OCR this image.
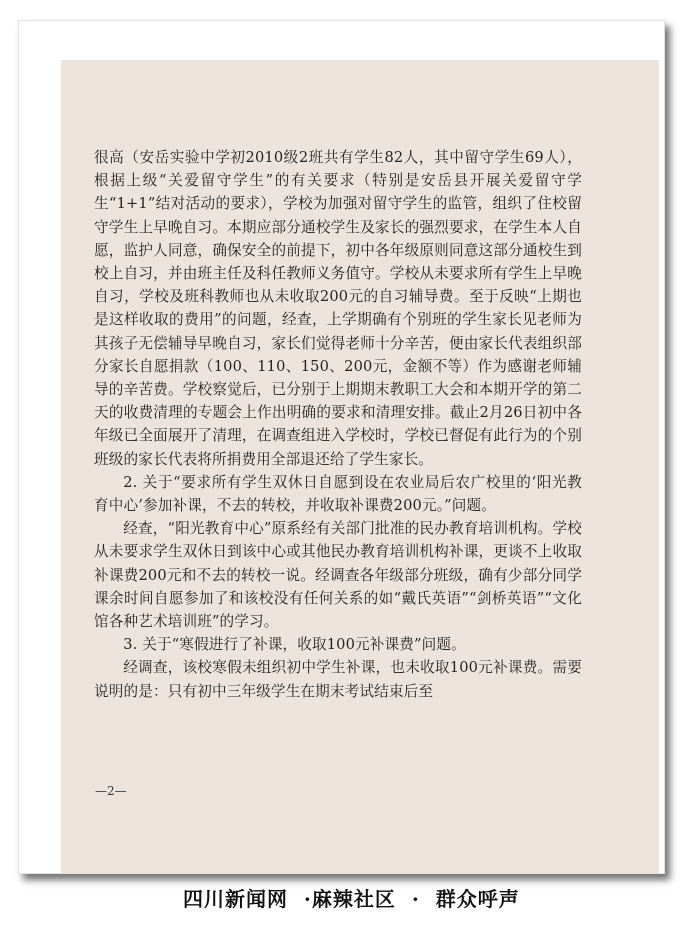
很高（安岳实验中学初2010级2班共有学生82人，其中留守学生69人），根据上级“关爱留守学生”的有关要求（特别是安岳县开展关爱留守学生“1+1”结对活动的要求），学校为加强对留守学生的监管，组织了住校留守学生上早晚自习。本期应部分通校学生及家长的强烈要求，在学生本人自愿，监护人同意，确保安全的前提下，初中各年级原则同意这部分通校生到校上自习，并由班主任及科任教师义务值守。学校从未要求所有学生上早晚自习，学校及班科教师也从未收取200元的自习辅导费。至于反映“上期也是这样收取的费用”的问题，经查，上学期确有个别班的学生家长见老师为其孩子无偿辅导早晚自习，家长们觉得老师十分辛苦，便由家长代表组织部分家长自愿捐款（100、110、150、200元，金额不等）作为感谢老师辅导的辛苦费。学校察觉后，已分别于上期期末教职工大会和本期开学的第二天的收费清理的专题会上作出明确的要求和清理安排。截止2月26日初中各年级已全面展开了清理，在调查组进入学校时，学校已督促有此行为的个别班级的家长代表将所捐费用全部退还给了学生家长。

2. 关于“要求所有学生双休日自愿到设在农业局后农广校里的‘阳光教育中心’参加补课，不去的转校，并收取补课费200元。”问题。

经查，“阳光教育中心”原系经有关部门批准的民办教育培训机构。学校从未要求学生双休日到该中心或其他民办教育培训机构补课，更谈不上收取补课费200元和不去的转校一说。经调查各年级部分班级，确有少部分同学课余时间自愿参加了和该校没有任何关系的如“戴氏英语”“剑桥英语”“文化馆各种艺术培训班”的学习。

3. 关于“寒假进行了补课，收取100元补课费”问题。

经调查，该校寒假未组织初中学生补课，也未收取100元补课费。需要说明的是：只有初中三年级学生在期末考试结束后至

—2—
四川新闻网  ·麻辣社区  ·  群众呼声
